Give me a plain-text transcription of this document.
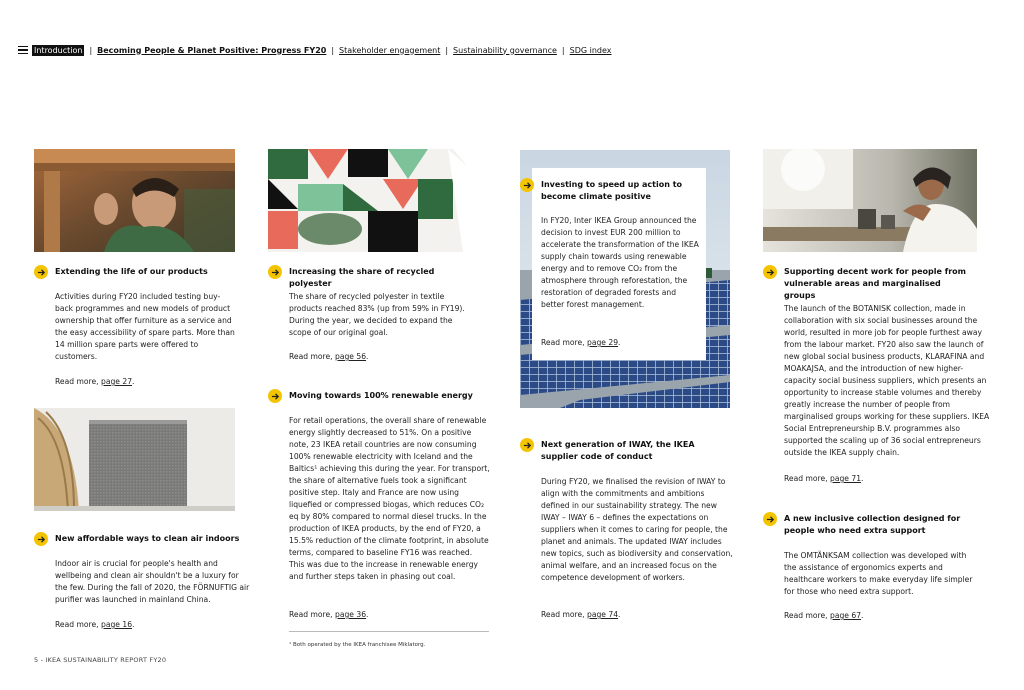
Introduction | Becoming People & Planet Positive: Progress FY20 | Stakeholder engagement | Sustainability governance | SDG index
Extending the life of our products
Activities during FY20 included testing buy-back programmes and new models of product ownership that offer furniture as a service and the easy accessibility of spare parts. More than 14 million spare parts were offered to customers.
Read more, page 27.
New affordable ways to clean air indoors
Indoor air is crucial for people's health and wellbeing and clean air shouldn't be a luxury for the few. During the fall of 2020, the FÖRNUFTIG air purifier was launched in mainland China.
Read more, page 16.
Increasing the share of recycled polyester
The share of recycled polyester in textile products reached 83% (up from 59% in FY19). During the year, we decided to expand the scope of our original goal.
Read more, page 56.
Moving towards 100% renewable energy
For retail operations, the overall share of renewable energy slightly decreased to 51%. On a positive note, 23 IKEA retail countries are now consuming 100% renewable electricity with Iceland and the Baltics¹ achieving this during the year. For transport, the share of alternative fuels took a significant positive step. Italy and France are now using liquefied or compressed biogas, which reduces CO₂ eq by 80% compared to normal diesel trucks. In the production of IKEA products, by the end of FY20, a 15.5% reduction of the climate footprint, in absolute terms, compared to baseline FY16 was reached. This was due to the increase in renewable energy and further steps taken in phasing out coal.
Read more, page 36.
¹ Both operated by the IKEA franchisee Miklatorg.
Investing to speed up action to become climate positive
In FY20, Inter IKEA Group announced the decision to invest EUR 200 million to accelerate the transformation of the IKEA supply chain towards using renewable energy and to remove CO₂ from the atmosphere through reforestation, the restoration of degraded forests and better forest management.
Read more, page 29.
Next generation of IWAY, the IKEA supplier code of conduct
During FY20, we finalised the revision of IWAY to align with the commitments and ambitions defined in our sustainability strategy. The new IWAY – IWAY 6 – defines the expectations on suppliers when it comes to caring for people, the planet and animals. The updated IWAY includes new topics, such as biodiversity and conservation, animal welfare, and an increased focus on the competence development of workers.
Read more, page 74.
Supporting decent work for people from vulnerable areas and marginalised groups
The launch of the BOTANISK collection, made in collaboration with six social businesses around the world, resulted in more job for people furthest away from the labour market. FY20 also saw the launch of new global social business products, KLARAFINA and MOAKAJSA, and the introduction of new higher-capacity social business suppliers, which presents an opportunity to increase stable volumes and thereby greatly increase the number of people from marginalised groups working for these suppliers. IKEA Social Entrepreneurship B.V. programmes also supported the scaling up of 36 social entrepreneurs outside the IKEA supply chain.
Read more, page 71.
A new inclusive collection designed for people who need extra support
The OMTÄNKSAM collection was developed with the assistance of ergonomics experts and healthcare workers to make everyday life simpler for those who need extra support.
Read more, page 67.
5 - IKEA SUSTAINABILITY REPORT FY20
